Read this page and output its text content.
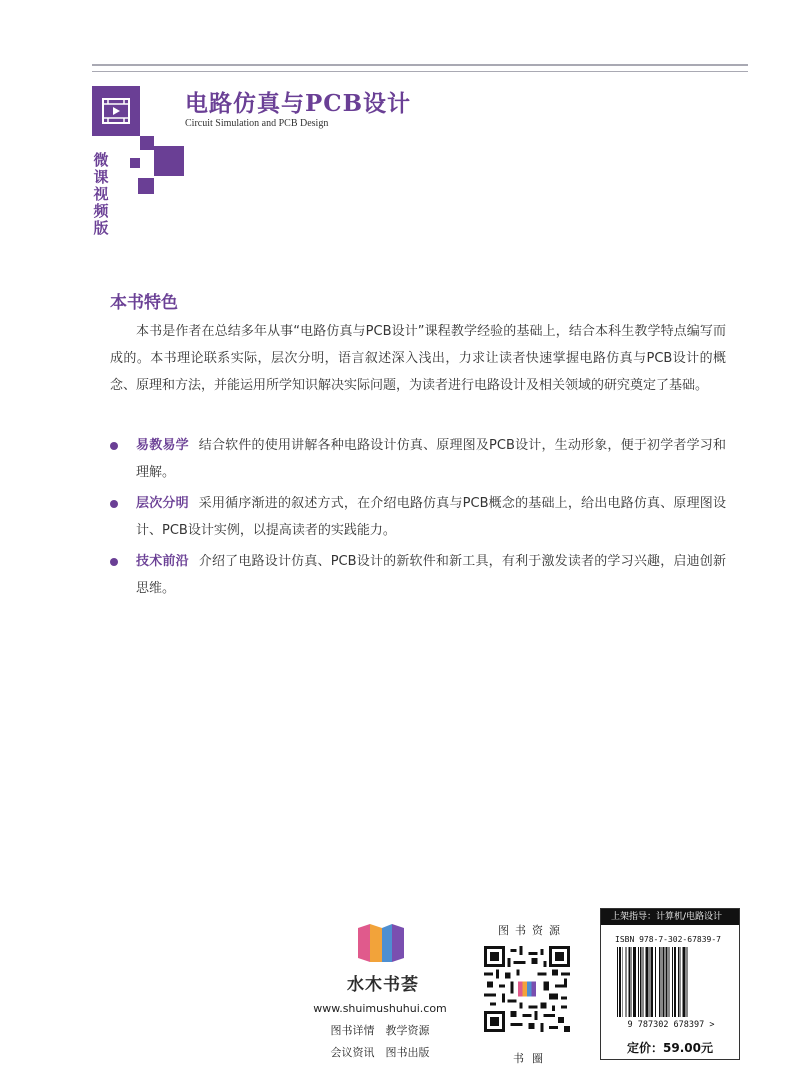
微
课
视
频
版
电路仿真与PCB设计
Circuit Simulation and PCB Design
本书特色

本书是作者在总结多年从事“电路仿真与PCB设计”课程教学经验的基础上，结合本科生教学特点编写而成的。本书理论联系实际，层次分明，语言叙述深入浅出，力求让读者快速掌握电路仿真与PCB设计的概念、原理和方法，并能运用所学知识解决实际问题，为读者进行电路设计及相关领域的研究奠定了基础。

易教易学 结合软件的使用讲解各种电路设计仿真、原理图及PCB设计，生动形象，便于初学者学习和理解。
层次分明 采用循序渐进的叙述方式，在介绍电路仿真与PCB概念的基础上，给出电路仿真、原理图设计、PCB设计实例，以提高读者的实践能力。
技术前沿 介绍了电路设计仿真、PCB设计的新软件和新工具，有利于激发读者的学习兴趣，启迪创新思维。
水木书荟
www.shuimushuhui.com
图书详情　教学资源
会议资讯　图书出版
图书资源
书圈
上架指导：计算机/电路设计
ISBN 978-7-302-67839-7
9 787302 678397 >
定价：59.00元
